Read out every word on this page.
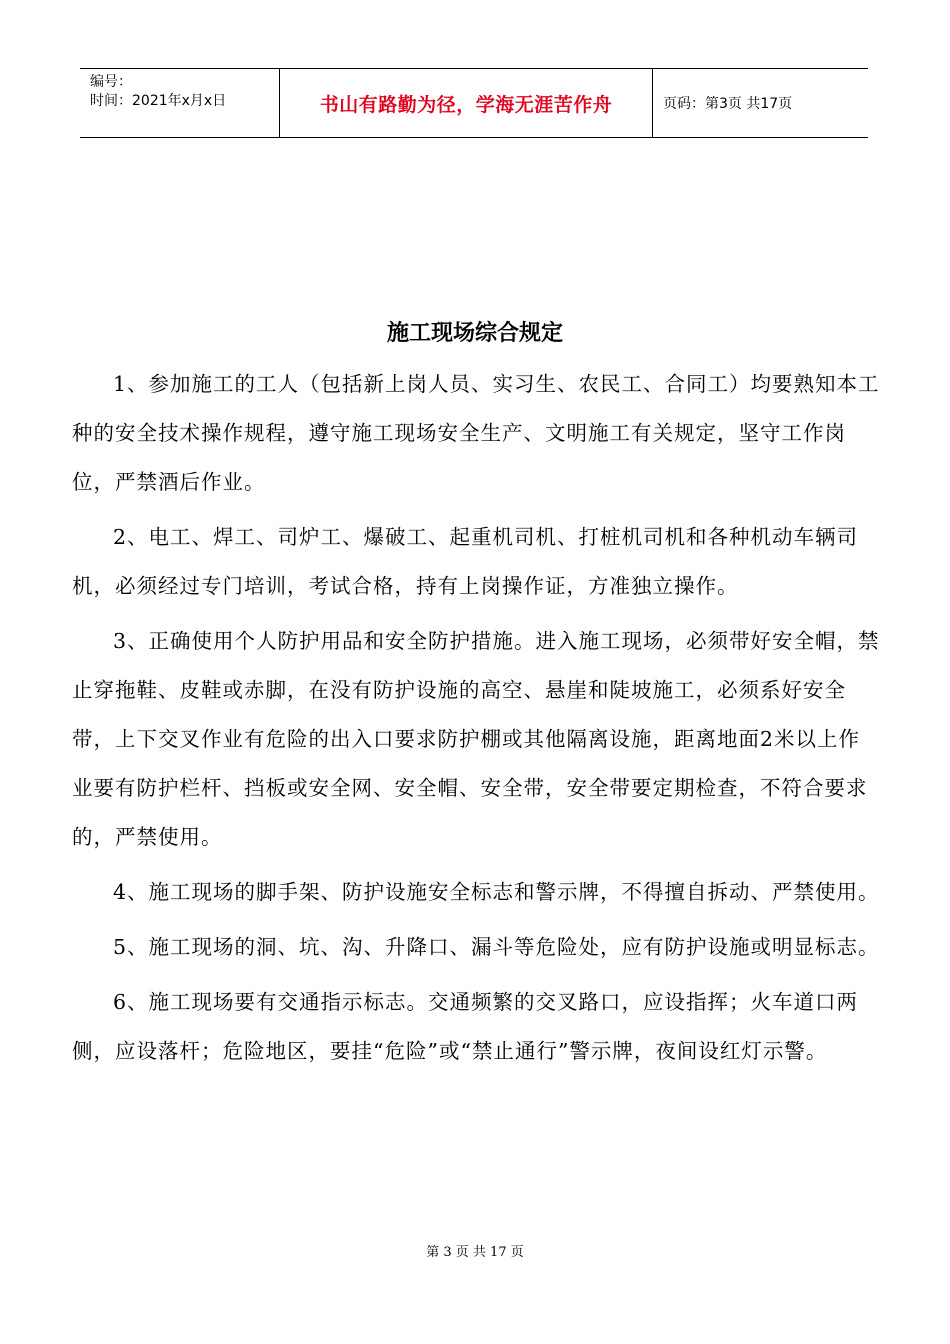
编号：
时间：2021年x月x日	书山有路勤为径，学海无涯苦作舟	页码：第3页 共17页
施工现场综合规定

1、参加施工的工人（包括新上岗人员、实习生、农民工、合同工）均要熟知本工种的安全技术操作规程，遵守施工现场安全生产、文明施工有关规定，坚守工作岗位，严禁酒后作业。

2、电工、焊工、司炉工、爆破工、起重机司机、打桩机司机和各种机动车辆司机，必须经过专门培训，考试合格，持有上岗操作证，方准独立操作。

3、正确使用个人防护用品和安全防护措施。进入施工现场，必须带好安全帽，禁止穿拖鞋、皮鞋或赤脚，在没有防护设施的高空、悬崖和陡坡施工，必须系好安全带，上下交叉作业有危险的出入口要求防护棚或其他隔离设施，距离地面2米以上作业要有防护栏杆、挡板或安全网、安全帽、安全带，安全带要定期检查，不符合要求的，严禁使用。

4、施工现场的脚手架、防护设施安全标志和警示牌，不得擅自拆动、严禁使用。

5、施工现场的洞、坑、沟、升降口、漏斗等危险处，应有防护设施或明显标志。

6、施工现场要有交通指示标志。交通频繁的交叉路口，应设指挥；火车道口两侧，应设落杆；危险地区，要挂“危险”或“禁止通行”警示牌，夜间设红灯示警。

第 3 页 共 17 页
